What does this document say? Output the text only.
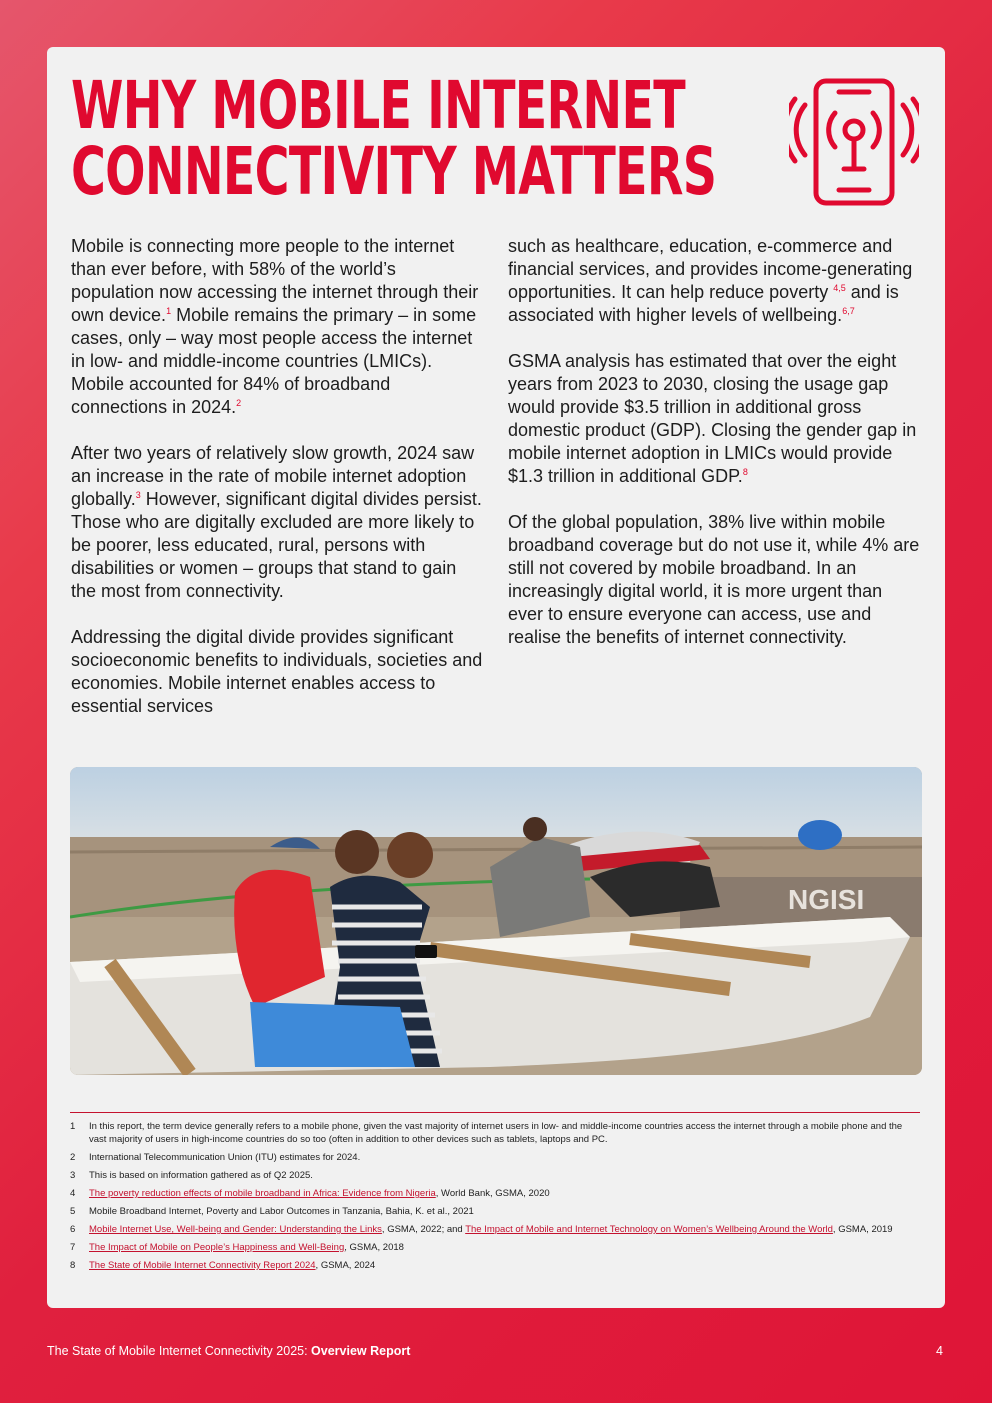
WHY MOBILE INTERNET
CONNECTIVITY MATTERS

Mobile is connecting more people to the internet than ever before, with 58% of the world’s population now accessing the internet through their own device.$^1$ Mobile remains the primary – in some cases, only – way most people access the internet in low- and middle-income countries (LMICs). Mobile accounted for 84% of broadband connections in 2024.$^2$

After two years of relatively slow growth, 2024 saw an increase in the rate of mobile internet adoption globally.$^3$ However, significant digital divides persist. Those who are digitally excluded are more likely to be poorer, less educated, rural, persons with disabilities or women – groups that stand to gain the most from connectivity.

Addressing the digital divide provides significant socioeconomic benefits to individuals, societies and economies. Mobile internet enables access to essential services

such as healthcare, education, e-commerce and financial services, and provides income-generating opportunities. It can help reduce poverty $^{4,5}$ and is associated with higher levels of wellbeing.$^{6,7}$

GSMA analysis has estimated that over the eight years from 2023 to 2030, closing the usage gap would provide $3.5 trillion in additional gross domestic product (GDP). Closing the gender gap in mobile internet adoption in LMICs would provide $1.3 trillion in additional GDP.$^8$

Of the global population, 38% live within mobile broadband coverage but do not use it, while 4% are still not covered by mobile broadband. In an increasingly digital world, it is more urgent than ever to ensure everyone can access, use and realise the benefits of internet connectivity.

NGISI
1	In this report, the term device generally refers to a mobile phone, given the vast majority of internet users in low- and middle-income countries access the internet through a mobile phone and the vast majority of users in high-income countries do so too (often in addition to other devices such as tablets, laptops and PC.
2	International Telecommunication Union (ITU) estimates for 2024.
3	This is based on information gathered as of Q2 2025.
4	The poverty reduction effects of mobile broadband in Africa: Evidence from Nigeria, World Bank, GSMA, 2020
5	Mobile Broadband Internet, Poverty and Labor Outcomes in Tanzania, Bahia, K. et al., 2021
6	Mobile Internet Use, Well-being and Gender: Understanding the Links, GSMA, 2022; and The Impact of Mobile and Internet Technology on Women’s Wellbeing Around the World, GSMA, 2019
7	The Impact of Mobile on People’s Happiness and Well-Being, GSMA, 2018
8	The State of Mobile Internet Connectivity Report 2024, GSMA, 2024
The State of Mobile Internet Connectivity 2025: Overview Report	4
